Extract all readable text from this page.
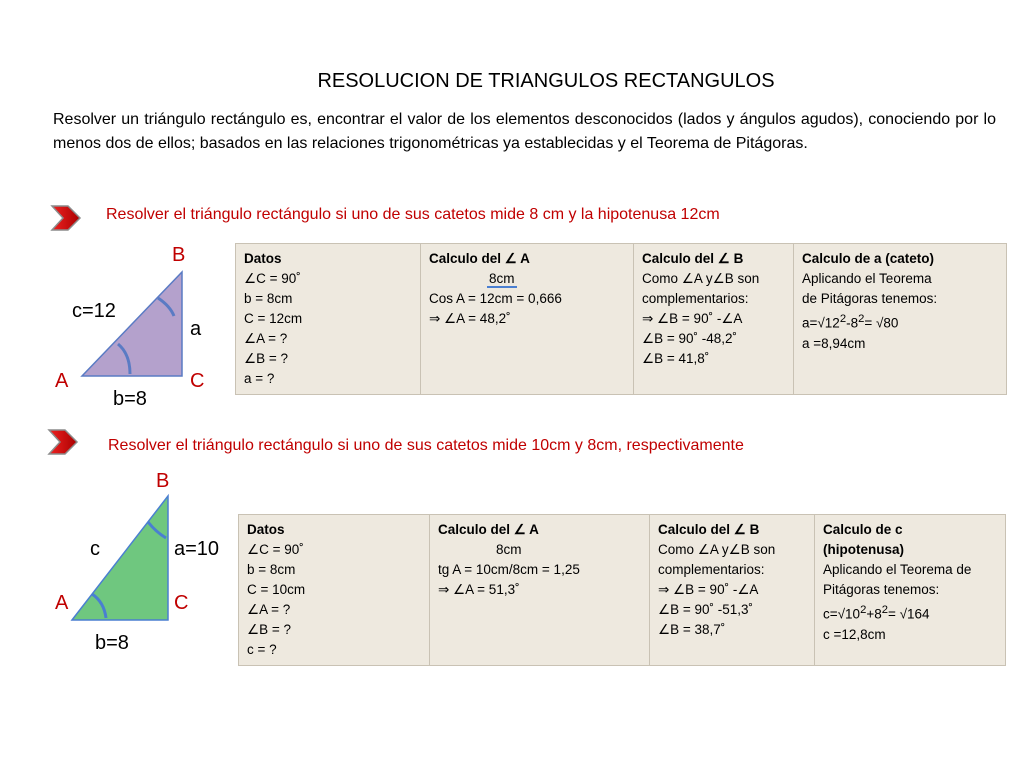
RESOLUCION DE TRIANGULOS RECTANGULOS
Resolver un triángulo rectángulo es, encontrar el valor de los elementos desconocidos (lados y ángulos agudos), conociendo por lo menos dos de ellos; basados en las relaciones trigonométricas ya establecidas y el Teorema de Pitágoras.
Resolver el triángulo rectángulo si uno de sus catetos mide 8 cm y la hipotenusa 12cm
B
A	C
c=12
a
b=8
Datos
∠C = 90˚
b = 8cm
C = 12cm
∠A = ?
∠B = ?
a = ?	Calculo del ∠ A
8cm
Cos A = 12cm = 0,666
⇒ ∠A = 48,2˚	Calculo del ∠ B
Como ∠A y∠B son
complementarios:
⇒ ∠B = 90˚ -∠A
∠B = 90˚ -48,2˚
∠B = 41,8˚	Calculo de a (cateto)
Aplicando el Teorema
de Pitágoras tenemos:
$a=√12^2-8^2= √80$
a =8,94cm
Resolver el triángulo rectángulo si uno de sus catetos mide 10cm y 8cm, respectivamente
B
A	C
c	a=10
b=8
Datos
∠C = 90˚
b = 8cm
C = 10cm
∠A = ?
∠B = ?
c = ?	Calculo del ∠ A
8cm
tg A = 10cm/8cm = 1,25
⇒ ∠A = 51,3˚	Calculo del ∠ B
Como ∠A y∠B son
complementarios:
⇒ ∠B = 90˚ -∠A
∠B = 90˚ -51,3˚
∠B = 38,7˚	Calculo de c
(hipotenusa)
Aplicando el Teorema de
Pitágoras tenemos:
$c=√10^2+8^2= √164$
c =12,8cm
